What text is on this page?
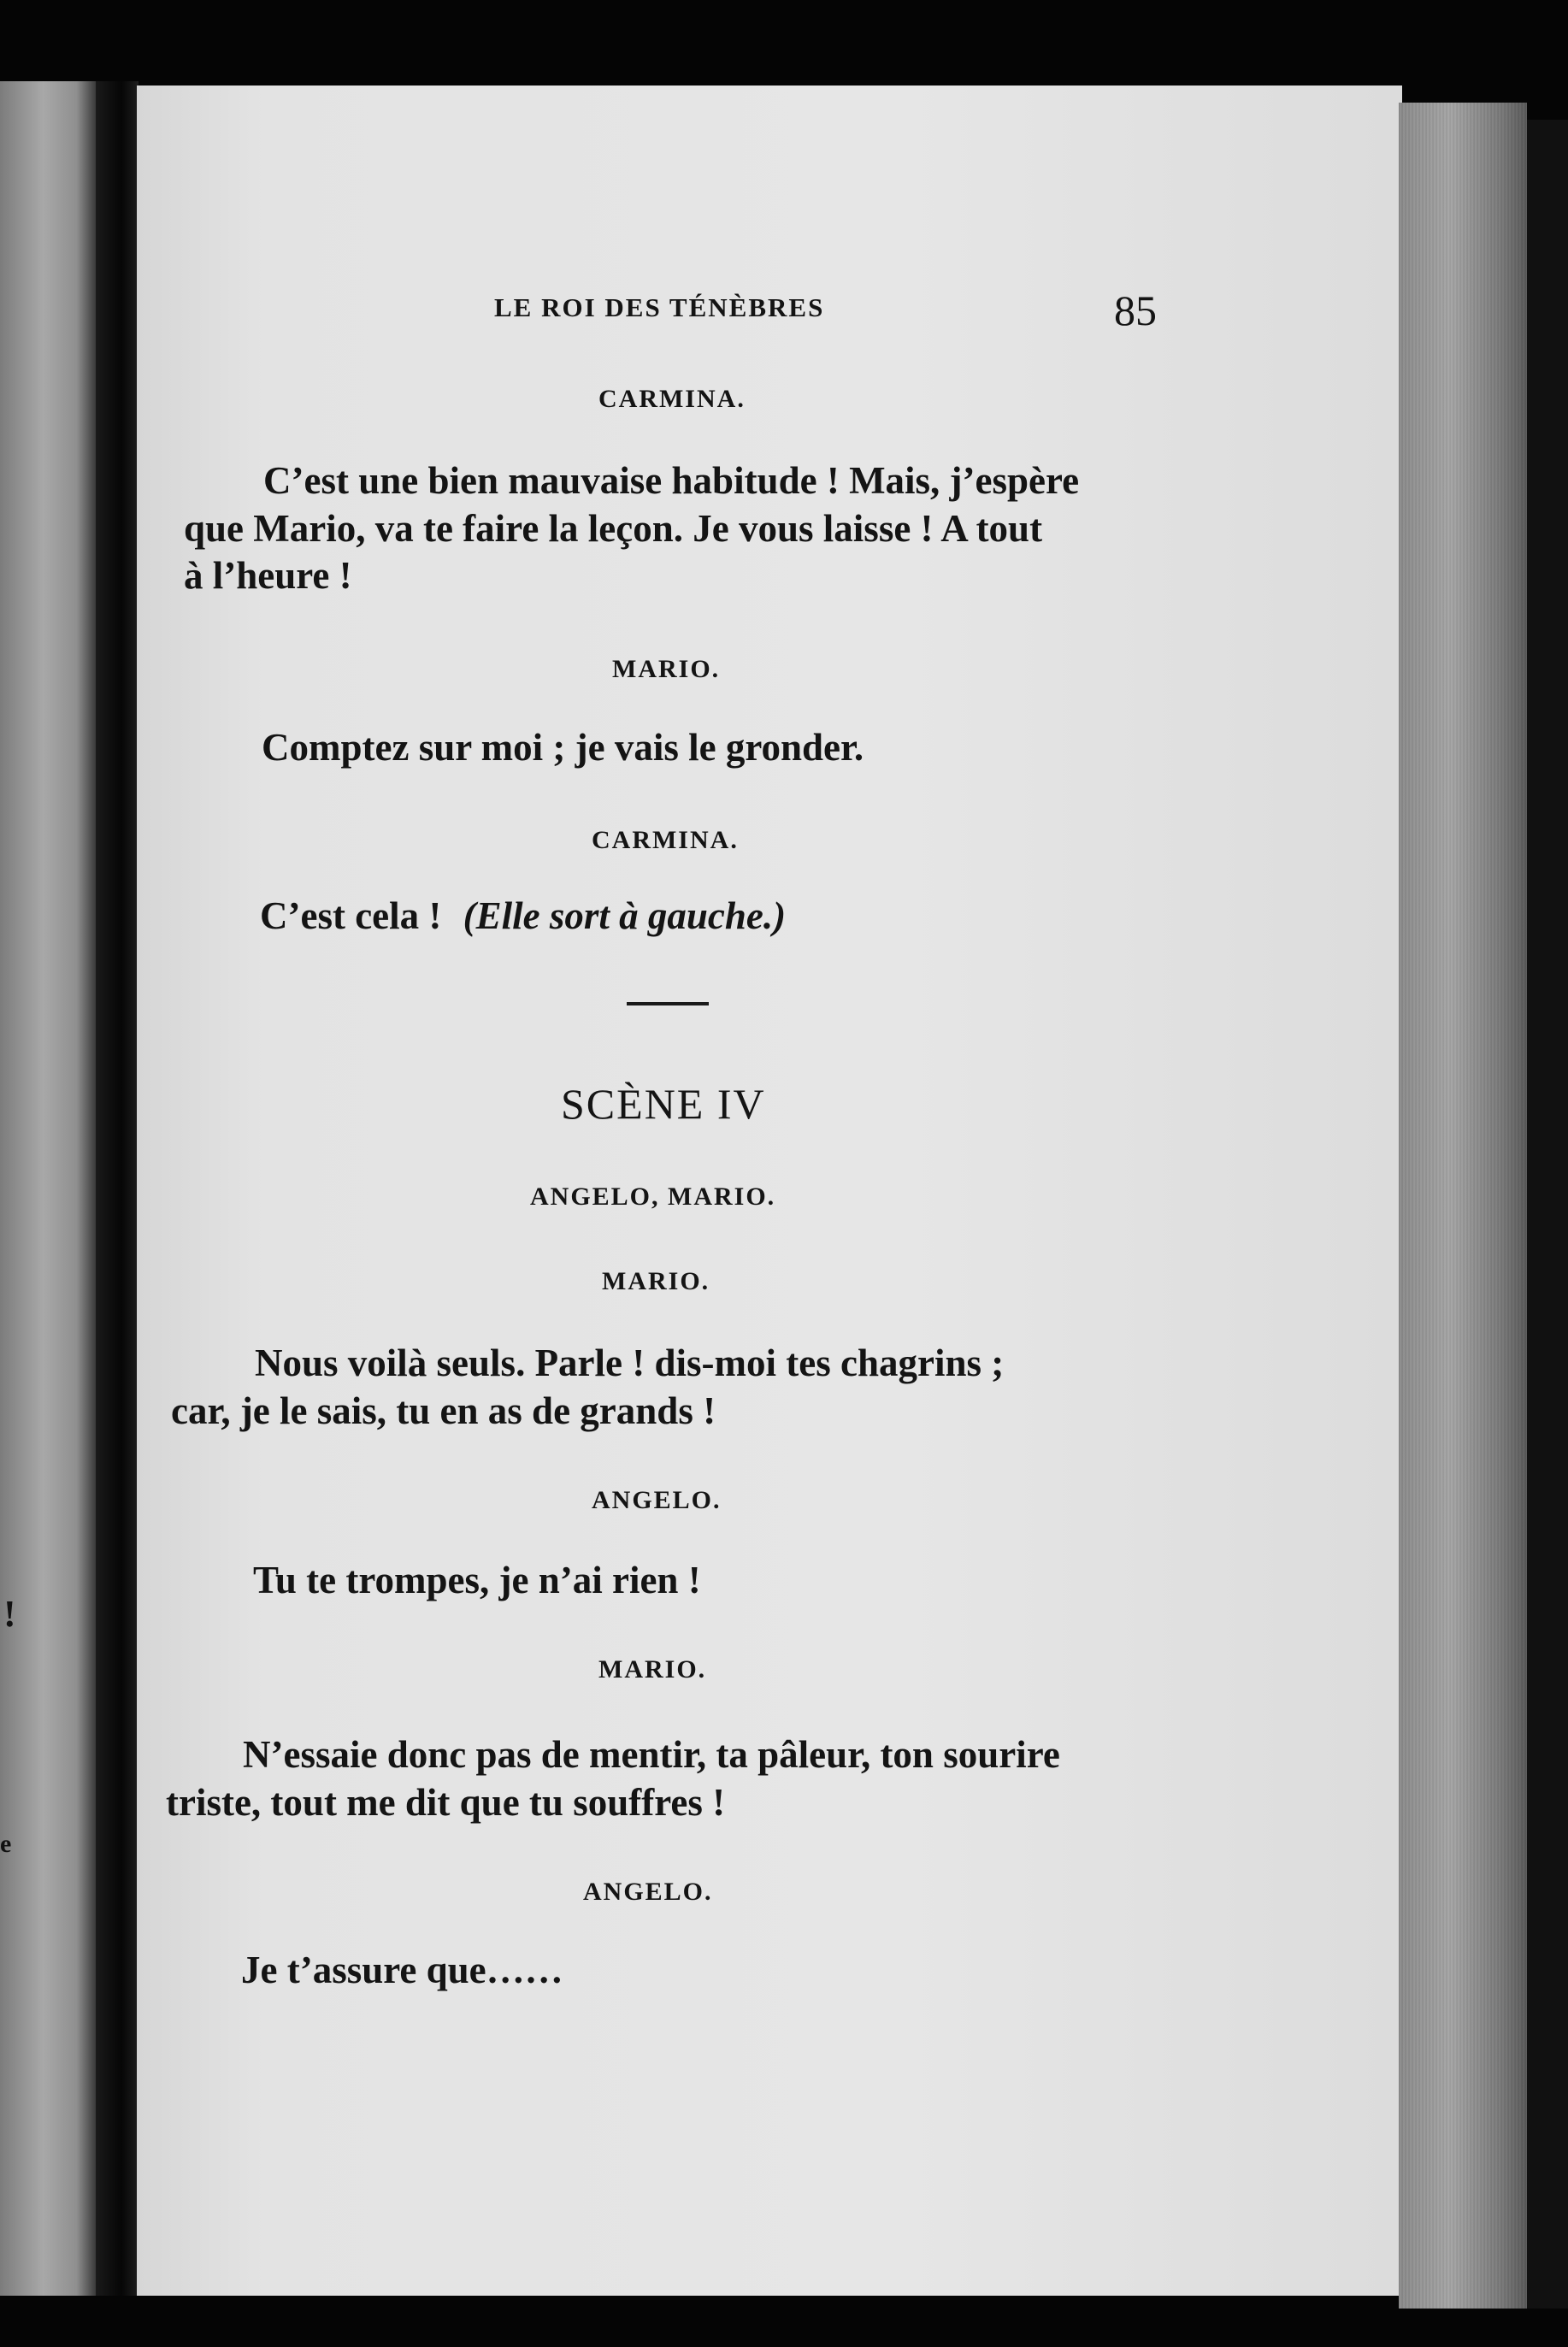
!
e
LE ROI DES TÉNÈBRES	85
CARMINA.
C’est une bien mauvaise habitude ! Mais, j’espère
que Mario, va te faire la leçon. Je vous laisse ! A tout
à l’heure !
MARIO.
Comptez sur moi ; je vais le gronder.
CARMINA.
C’est cela ! (Elle sort à gauche.)
SCÈNE IV
ANGELO, MARIO.
MARIO.
Nous voilà seuls. Parle ! dis-moi tes chagrins ;
car, je le sais, tu en as de grands !
ANGELO.
Tu te trompes, je n’ai rien !
MARIO.
N’essaie donc pas de mentir, ta pâleur, ton sourire
triste, tout me dit que tu souffres !
ANGELO.
Je t’assure que……
